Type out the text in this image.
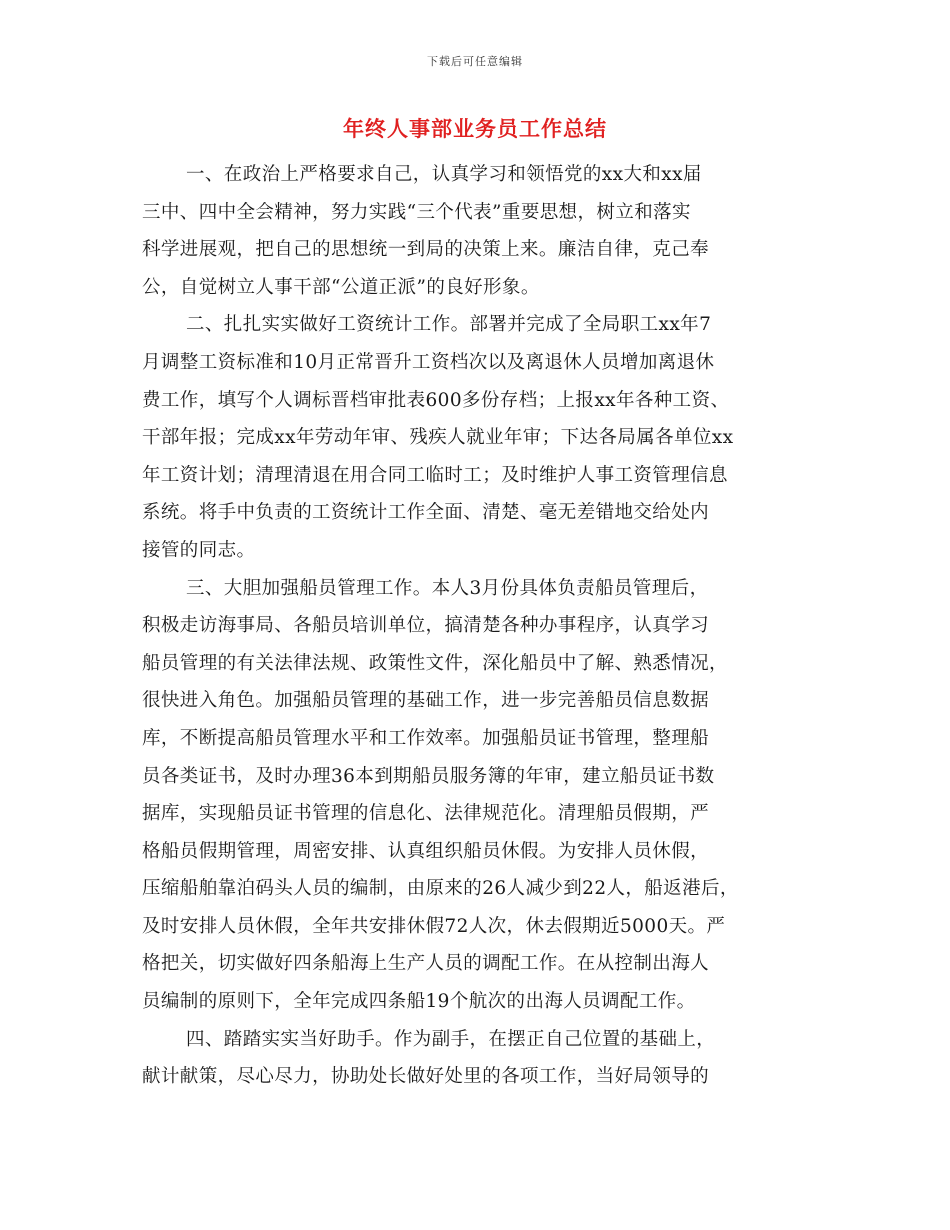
下载后可任意编辑
年终人事部业务员工作总结
一、在政治上严格要求自己，认真学习和领悟党的xx大和xx届
三中、四中全会精神，努力实践“三个代表”重要思想，树立和落实
科学进展观，把自己的思想统一到局的决策上来。廉洁自律，克己奉
公，自觉树立人事干部“公道正派”的良好形象。
二、扎扎实实做好工资统计工作。部署并完成了全局职工xx年7
月调整工资标准和10月正常晋升工资档次以及离退休人员增加离退休
费工作，填写个人调标晋档审批表600多份存档；上报xx年各种工资、
干部年报；完成xx年劳动年审、残疾人就业年审；下达各局属各单位xx
年工资计划；清理清退在用合同工临时工；及时维护人事工资管理信息
系统。将手中负责的工资统计工作全面、清楚、毫无差错地交给处内
接管的同志。
三、大胆加强船员管理工作。本人3月份具体负责船员管理后，
积极走访海事局、各船员培训单位，搞清楚各种办事程序，认真学习
船员管理的有关法律法规、政策性文件，深化船员中了解、熟悉情况，
很快进入角色。加强船员管理的基础工作，进一步完善船员信息数据
库，不断提高船员管理水平和工作效率。加强船员证书管理，整理船
员各类证书，及时办理36本到期船员服务簿的年审，建立船员证书数
据库，实现船员证书管理的信息化、法律规范化。清理船员假期，严
格船员假期管理，周密安排、认真组织船员休假。为安排人员休假，
压缩船舶靠泊码头人员的编制，由原来的26人减少到22人，船返港后，
及时安排人员休假，全年共安排休假72人次，休去假期近5000天。严
格把关，切实做好四条船海上生产人员的调配工作。在从控制出海人
员编制的原则下，全年完成四条船19个航次的出海人员调配工作。
四、踏踏实实当好助手。作为副手，在摆正自己位置的基础上，
献计献策，尽心尽力，协助处长做好处里的各项工作，当好局领导的
